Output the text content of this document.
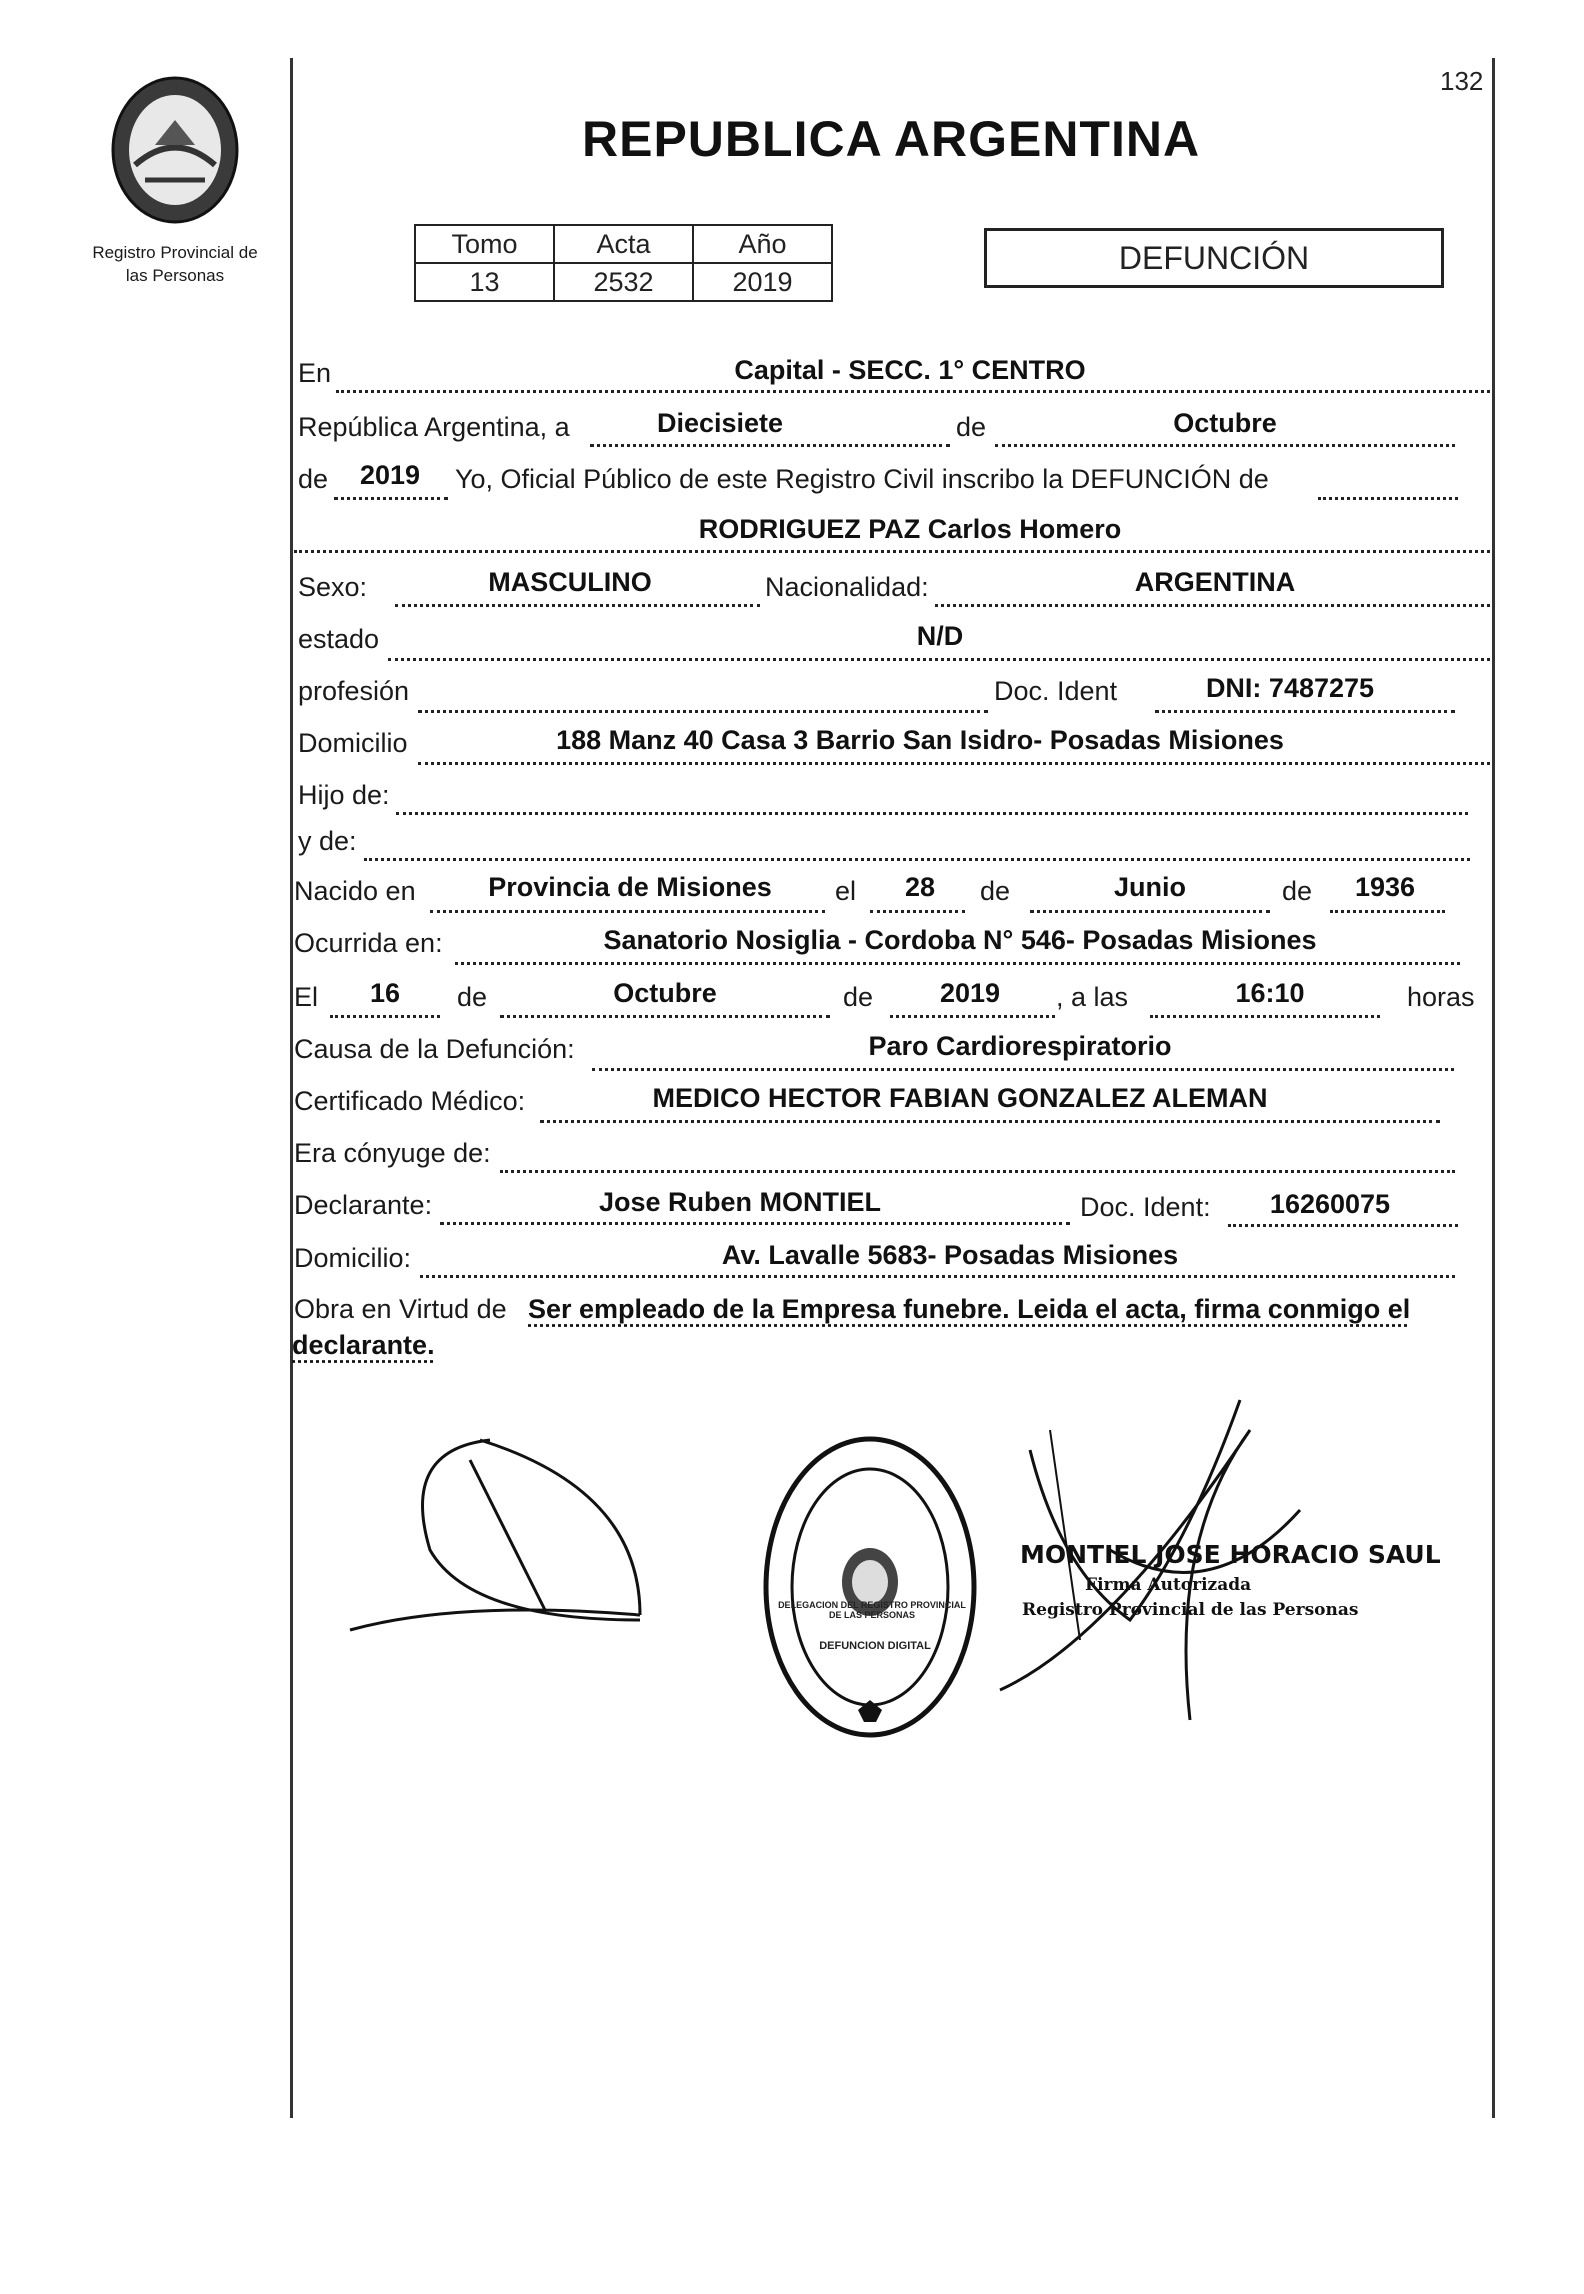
Registro Provincial de
las Personas
132
REPUBLICA ARGENTINA
Tomo	Acta	Año
13	2532	2019
DEFUNCIÓN
En	Capital - SECC. 1° CENTRO
República Argentina, a	Diecisiete	de	Octubre
de 2019 Yo, Oficial Público de este Registro Civil inscribo la DEFUNCIÓN de
RODRIGUEZ PAZ Carlos Homero
Sexo:	MASCULINO	Nacionalidad:	ARGENTINA
estado	N/D
profesión	Doc. Ident	DNI: 7487275
Domicilio	188 Manz 40 Casa 3 Barrio San Isidro- Posadas Misiones
Hijo de:
y de:
Nacido en	Provincia de Misiones	el	28	de	Junio	de	1936
Ocurrida en:	Sanatorio Nosiglia - Cordoba N° 546- Posadas Misiones
El	16	de	Octubre	de	2019	, a las	16:10	horas
Causa de la Defunción:	Paro Cardiorespiratorio
Certificado Médico:	MEDICO HECTOR FABIAN GONZALEZ ALEMAN
Era cónyuge de:
Declarante:	Jose Ruben MONTIEL	Doc. Ident:	16260075
Domicilio:	Av. Lavalle 5683- Posadas Misiones
Obra en Virtud de Ser empleado de la Empresa funebre. Leida el acta, firma conmigo el
declarante.
DELEGACION DEL REGISTRO PROVINCIAL DE LAS PERSONAS
DEFUNCION DIGITAL
MONTIEL JOSE HORACIO SAUL
Firma Autorizada
Registro Provincial de las Personas
